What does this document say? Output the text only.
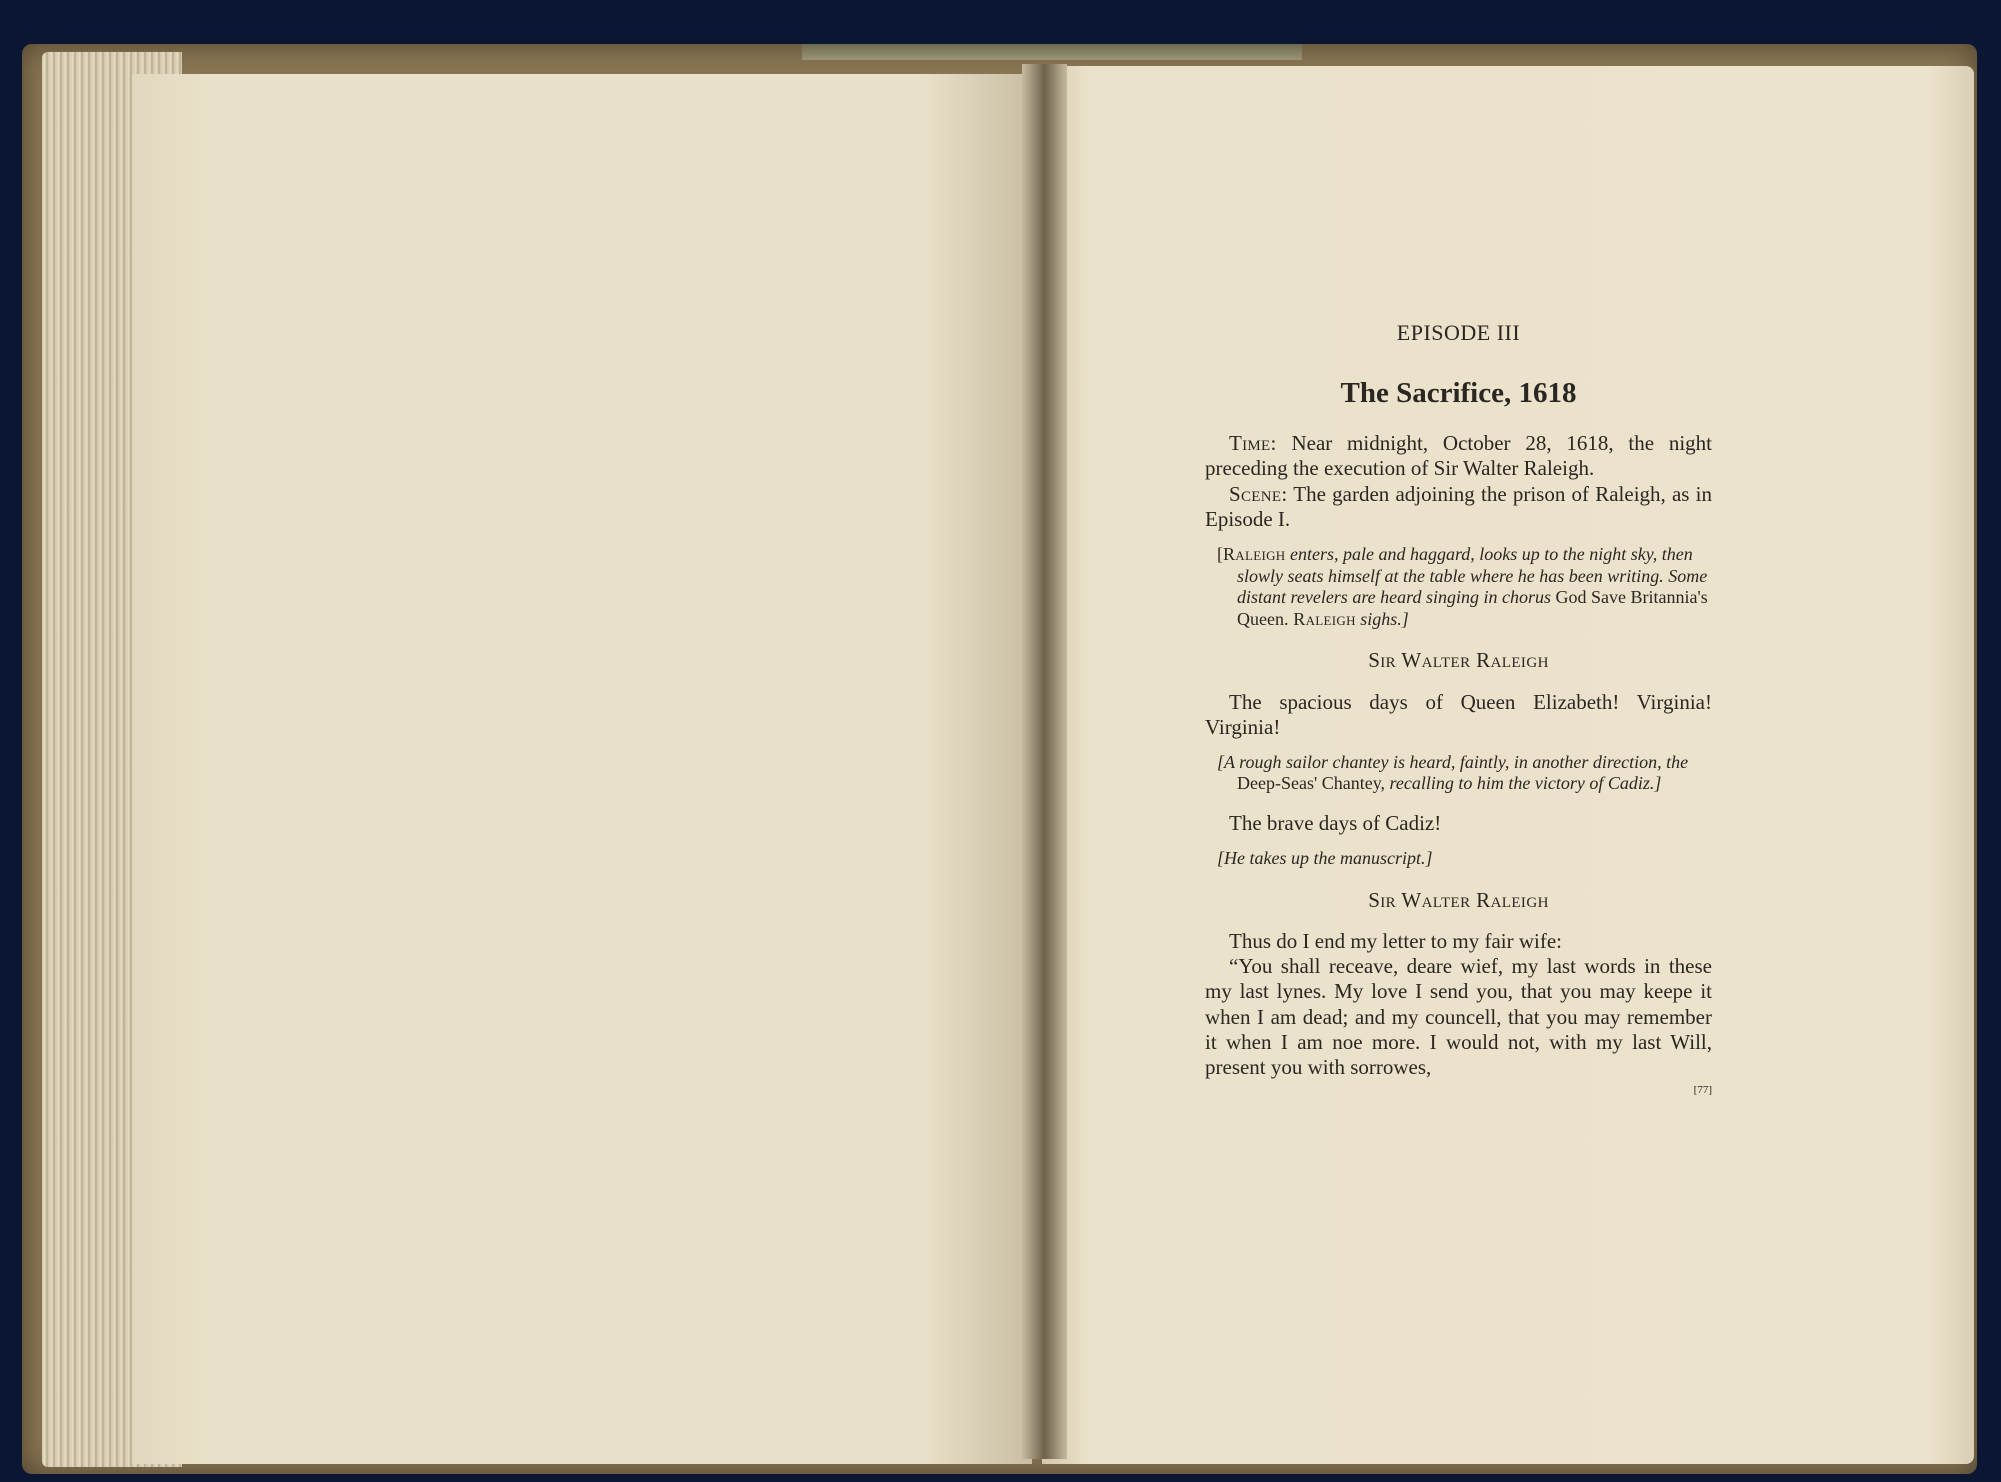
EPISODE III

The Sacrifice, 1618

Time: Near midnight, October 28, 1618, the night preceding the execution of Sir Walter Raleigh.

Scene: The garden adjoining the prison of Raleigh, as in Episode I.

[Raleigh enters, pale and haggard, looks up to the night sky, then slowly seats himself at the table where he has been writing. Some distant revelers are heard singing in chorus God Save Britannia's Queen. Raleigh sighs.]

Sir Walter Raleigh

The spacious days of Queen Elizabeth! Virginia! Virginia!

[A rough sailor chantey is heard, faintly, in another direction, the Deep-Seas' Chantey, recalling to him the victory of Cadiz.]

The brave days of Cadiz!

[He takes up the manuscript.]

Sir Walter Raleigh

Thus do I end my letter to my fair wife:

“You shall receave, deare wief, my last words in these my last lynes. My love I send you, that you may keepe it when I am dead; and my councell, that you may remember it when I am noe more. I would not, with my last Will, present you with sorrowes,

[77]
